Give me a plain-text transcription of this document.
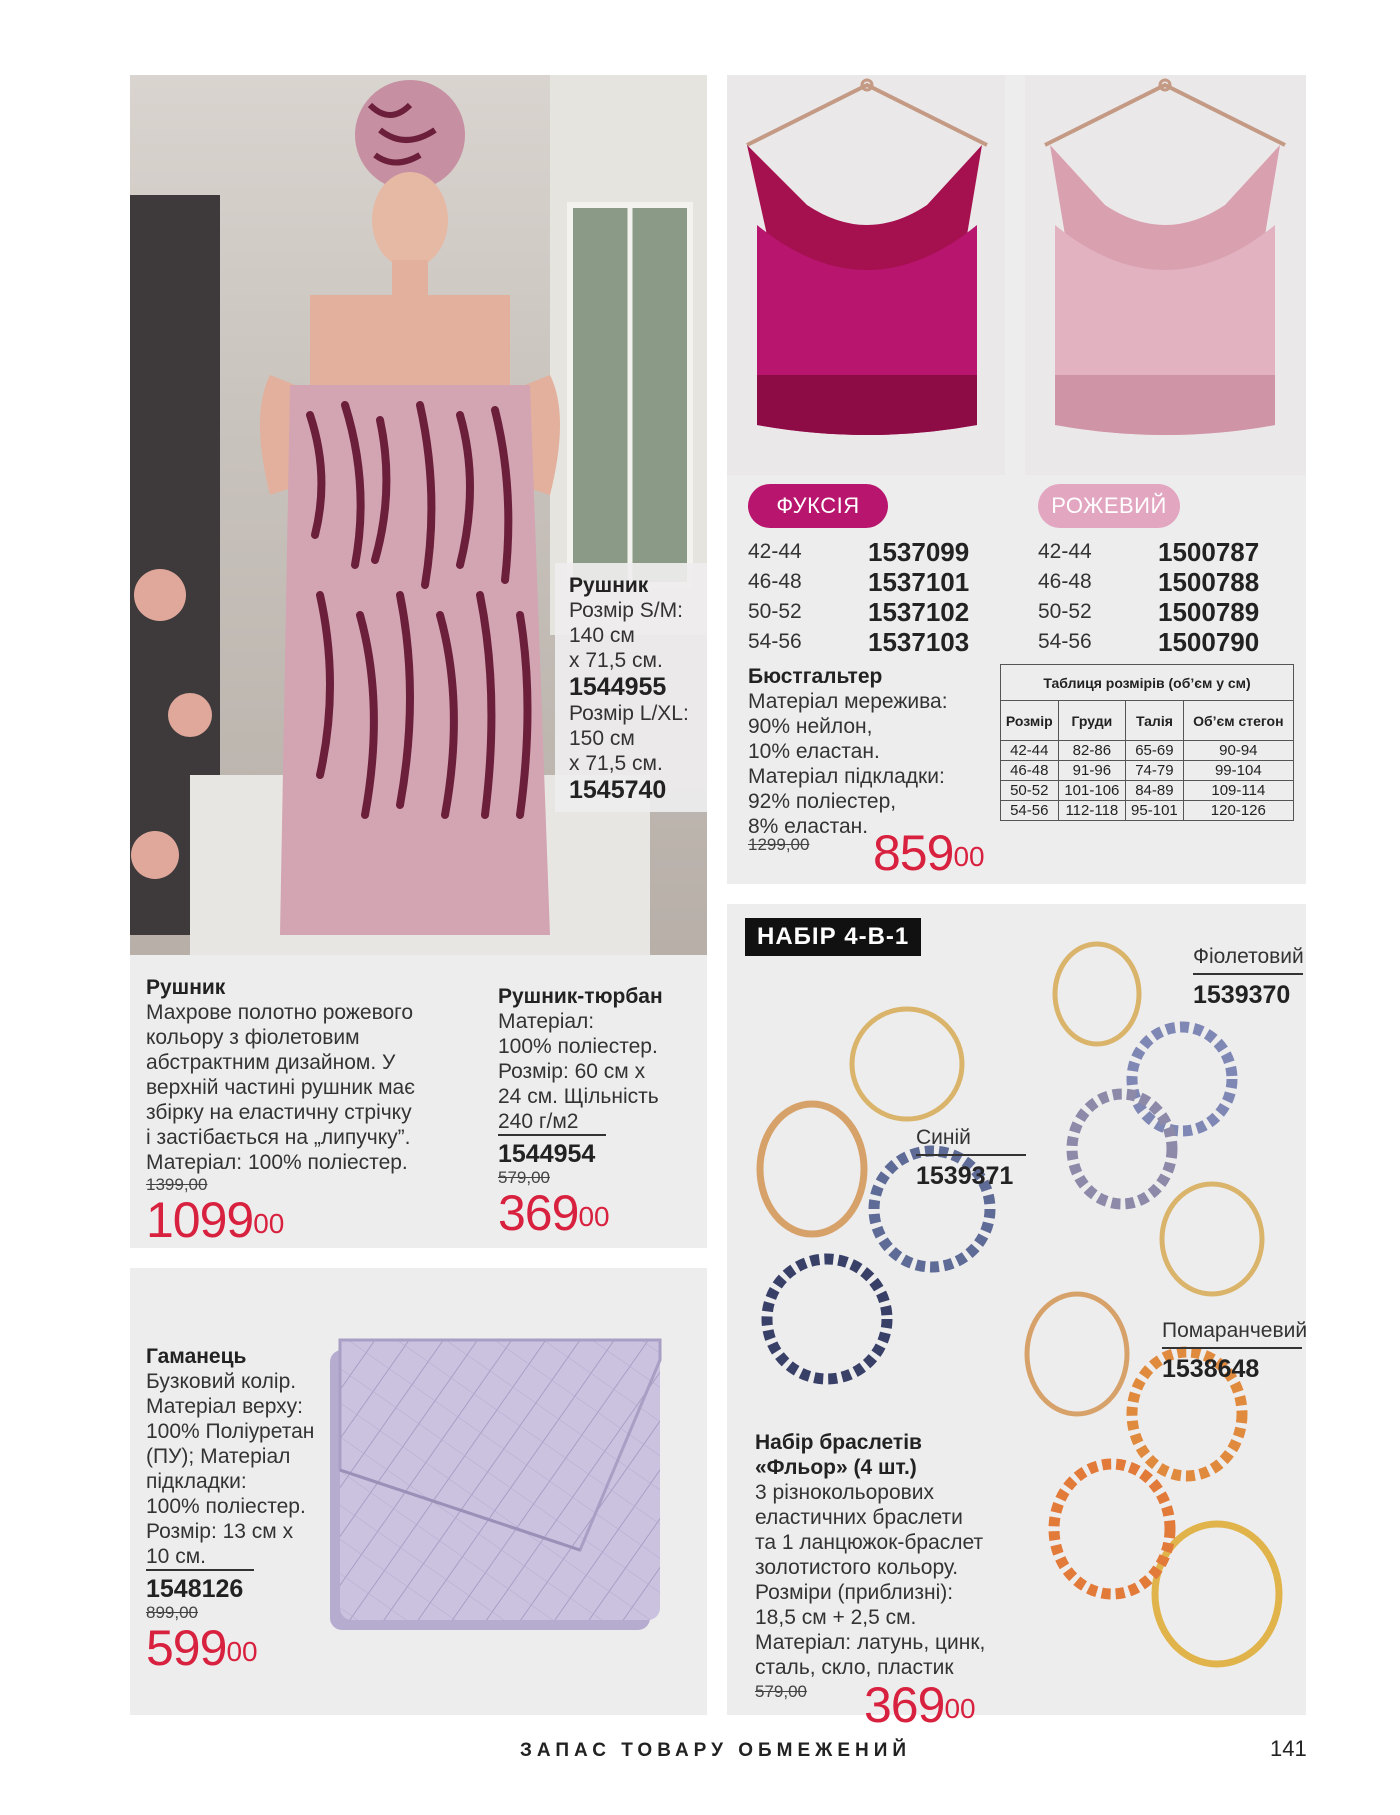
Рушник
Розмір S/M:
140 см
х 71,5 см.
1544955
Розмір L/XL:
150 см
х 71,5 см.
1545740
Рушник
Махрове полотно рожевого
кольору з фіолетовим
абстрактним дизайном. У
верхній частині рушник має
збірку на еластичну стрічку
і застібається на „липучку”.
Матеріал: 100% поліестер.
1399,00
1099$^{00}$
Рушник-тюрбан
Матеріал:
100% поліестер.
Розмір: 60 см х
24 см. Щільність
240 г/м2
1544954
579,00
$369^{00}$
ФУКСІЯ	РОЖЕВИЙ
42-44	1537099
46-48	1537101
50-52	1537102
54-56	1537103
42-44	1500787
46-48	1500788
50-52	1500789
54-56	1500790
Бюстгальтер
Матеріал мережива:
90% нейлон,
10% еластан.
Матеріал підкладки:
92% поліестер,
8% еластан.
1299,00 $859^{00}$
Таблиця розмірів (об’єм у см)			
Розмір	Груди	Талія	Об’єм стегон
42-44	82-86	65-69	90-94
46-48	91-96	74-79	99-104
50-52	101-106	84-89	109-114
54-56	112-118	95-101	120-126
Гаманець
Бузковий колір.
Матеріал верху:
100% Поліуретан
(ПУ); Матеріал
підкладки:
100% поліестер.
Розмір: 13 см х
10 см.
1548126
899,00
$599^{00}$
НАБІР 4-В-1
Фіолетовий
1539370
Синій
1539371
Помаранчевий
1538648
Набір браслетів
«Фльор» (4 шт.)
3 різнокольорових
еластичних браслети
та 1 ланцюжок-браслет
золотистого кольору.
Розміри (приблизні):
18,5 см + 2,5 см.
Матеріал: латунь, цинк,
сталь, скло, пластик
579,00 $369^{00}$
ЗАПАС ТОВАРУ ОБМЕЖЕНИЙ	141
